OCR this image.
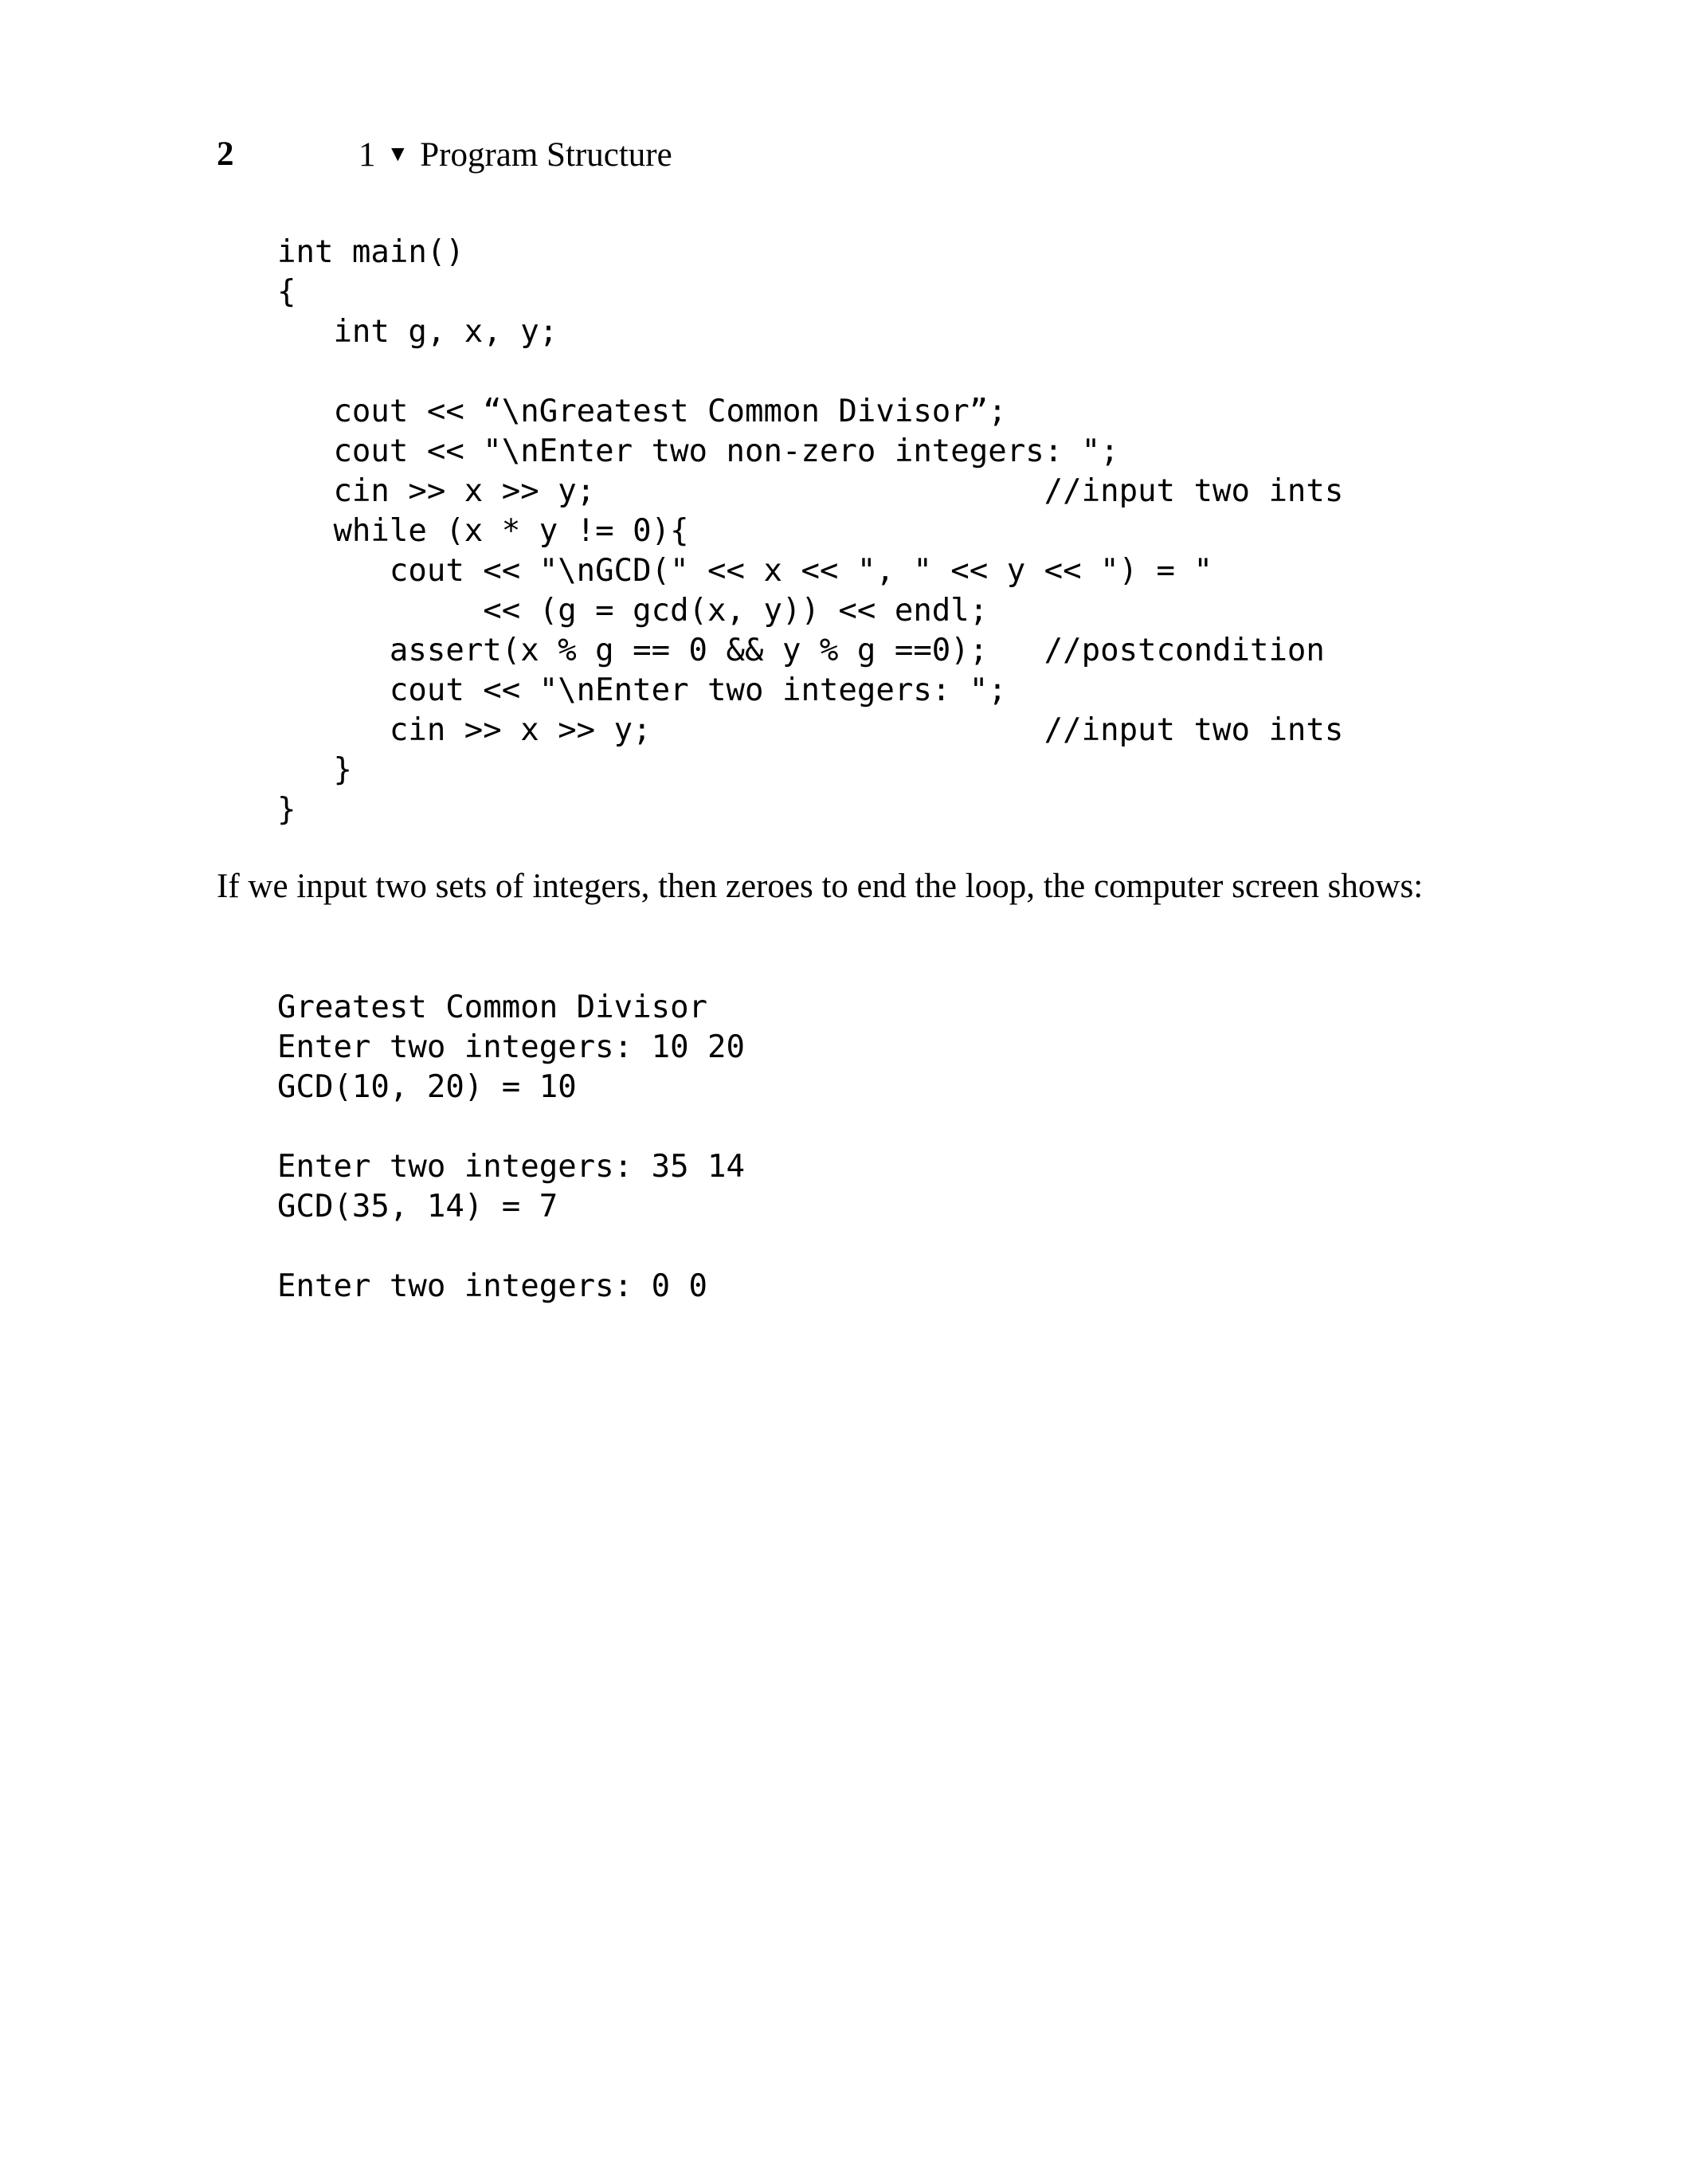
2	1 ▼ Program Structure
int main()
{
int g, x, y;
cout << “\nGreatest Common Divisor”;
cout << "\nEnter two non-zero integers: ";
cin >> x >> y;                        //input two ints
while (x * y != 0){
cout << "\nGCD(" << x << ", " << y << ") = "
<< (g = gcd(x, y)) << endl;
assert(x % g == 0 && y % g ==0);   //postcondition
cout << "\nEnter two integers: ";
cin >> x >> y;                     //input two ints
}
}

If we input two sets of integers, then zeroes to end the loop, the computer screen shows:

Greatest Common Divisor
Enter two integers: 10 20
GCD(10, 20) = 10
Enter two integers: 35 14
GCD(35, 14) = 7
Enter two integers: 0 0
